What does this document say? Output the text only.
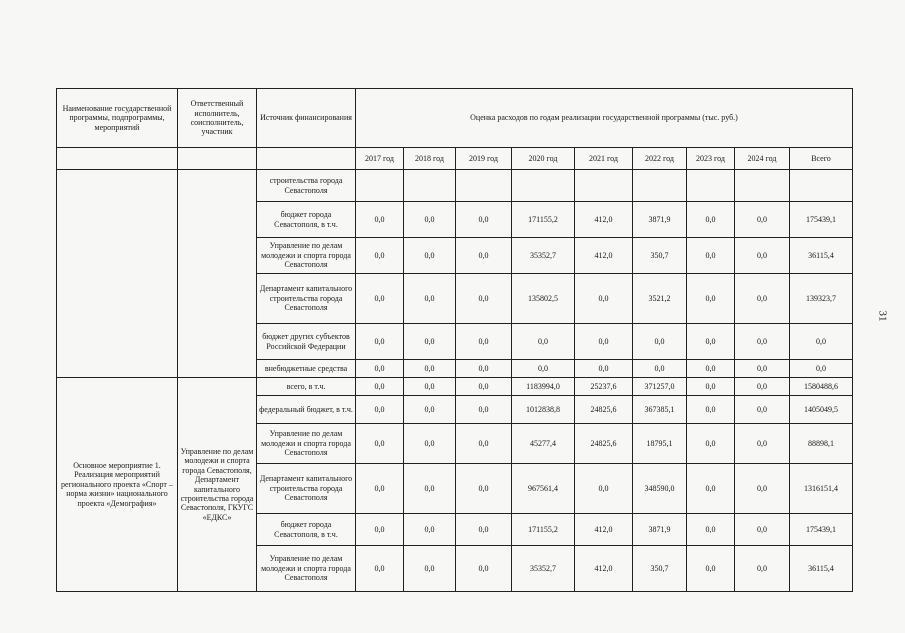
Наименование государственной программы, подпрограммы, мероприятий	Ответственный исполнитель, соисполнитель, участник	Источник финансирования	Оценка расходов по годам реализации государственной программы (тыс. руб.)								
			2017 год	2018 год	2019 год	2020 год	2021 год	2022 год	2023 год	2024 год	Всего
		строительства города Севастополя									
		бюджет города Севастополя, в т.ч.	0,0	0,0	0,0	171155,2	412,0	3871,9	0,0	0,0	175439,1
		Управление по делам молодежи и спорта города Севастополя	0,0	0,0	0,0	35352,7	412,0	350,7	0,0	0,0	36115,4
		Департамент капитального строительства города Севастополя	0,0	0,0	0,0	135802,5	0,0	3521,2	0,0	0,0	139323,7
		бюджет других субъектов Российской Федерации	0,0	0,0	0,0	0,0	0,0	0,0	0,0	0,0	0,0
		внебюджетные средства	0,0	0,0	0,0	0,0	0,0	0,0	0,0	0,0	0,0
Основное мероприятие 1. Реализация мероприятий регионального проекта «Спорт – норма жизни» национального проекта «Демография»	Управление по делам молодежи и спорта города Севастополя, Департамент капитального строительства города Севастополя, ГКУГС «ЕДКС»	всего, в т.ч.	0,0	0,0	0,0	1183994,0	25237,6	371257,0	0,0	0,0	1580488,6
		федеральный бюджет, в т.ч.	0,0	0,0	0,0	1012838,8	24825,6	367385,1	0,0	0,0	1405049,5
		Управление по делам молодежи и спорта города Севастополя	0,0	0,0	0,0	45277,4	24825,6	18795,1	0,0	0,0	88898,1
		Департамент капитального строительства города Севастополя	0,0	0,0	0,0	967561,4	0,0	348590,0	0,0	0,0	1316151,4
		бюджет города Севастополя, в т.ч.	0,0	0,0	0,0	171155,2	412,0	3871,9	0,0	0,0	175439,1
		Управление по делам молодежи и спорта города Севастополя	0,0	0,0	0,0	35352,7	412,0	350,7	0,0	0,0	36115,4
31
